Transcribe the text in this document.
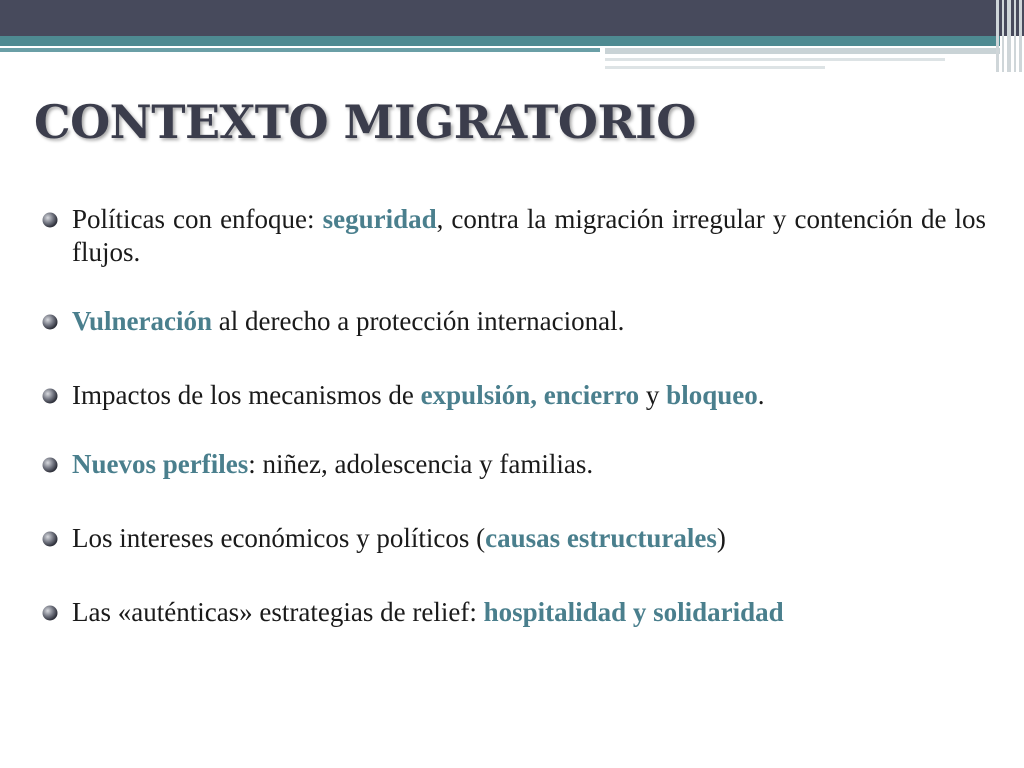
CONTEXTO MIGRATORIO
Políticas con enfoque: seguridad, contra la migración irregular y contención de los flujos.
Vulneración al derecho a protección internacional.
Impactos de los mecanismos de expulsión, encierro y bloqueo.
Nuevos perfiles: niñez, adolescencia y familias.
Los intereses económicos y políticos (causas estructurales)
Las «auténticas» estrategias de relief: hospitalidad y solidaridad
